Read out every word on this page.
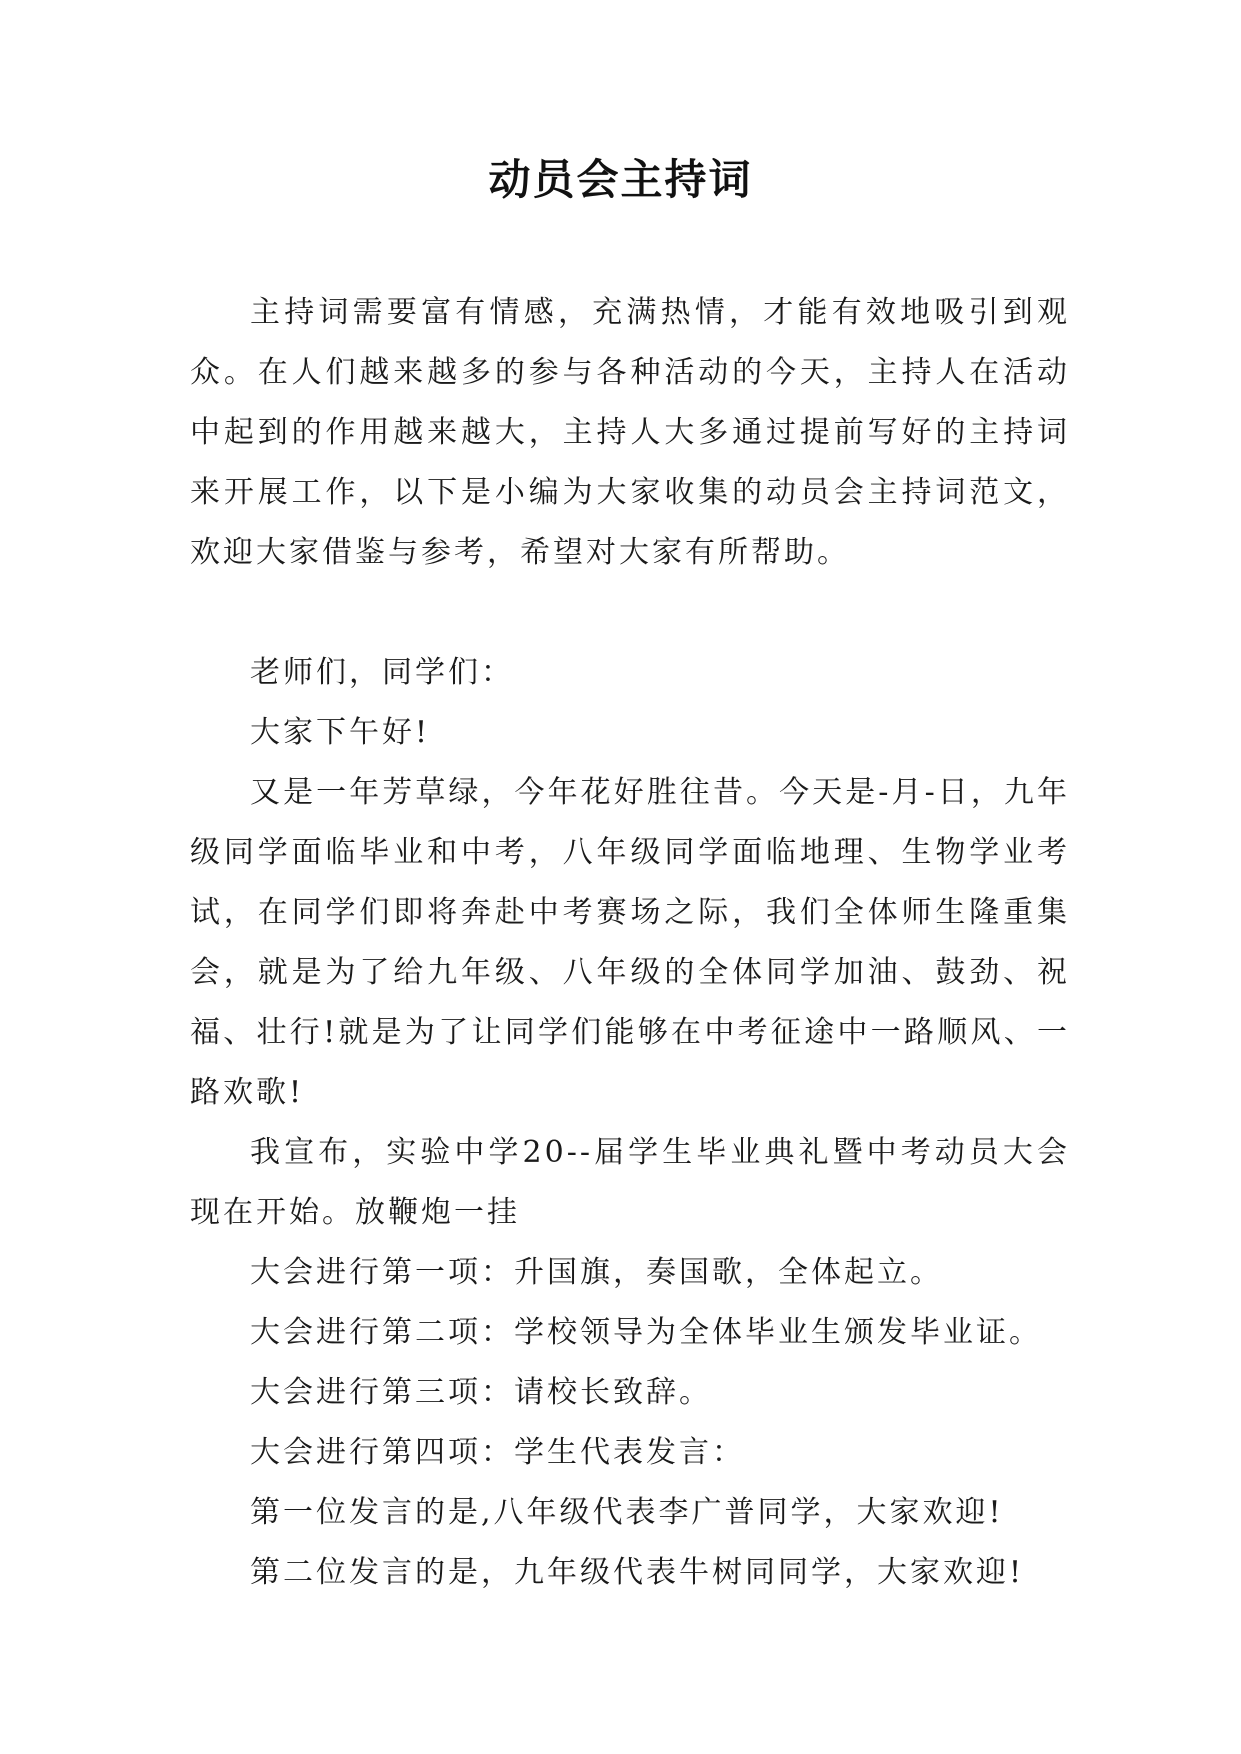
动员会主持词

主持词需要富有情感，充满热情，才能有效地吸引到观众。在人们越来越多的参与各种活动的今天，主持人在活动中起到的作用越来越大，主持人大多通过提前写好的主持词来开展工作，以下是小编为大家收集的动员会主持词范文，欢迎大家借鉴与参考，希望对大家有所帮助。

老师们，同学们：

大家下午好!

又是一年芳草绿，今年花好胜往昔。今天是-月-日，九年级同学面临毕业和中考，八年级同学面临地理、生物学业考试，在同学们即将奔赴中考赛场之际，我们全体师生隆重集会，就是为了给九年级、八年级的全体同学加油、鼓劲、祝福、壮行!就是为了让同学们能够在中考征途中一路顺风、一路欢歌!

我宣布，实验中学20--届学生毕业典礼暨中考动员大会现在开始。放鞭炮一挂

大会进行第一项：升国旗，奏国歌，全体起立。

大会进行第二项：学校领导为全体毕业生颁发毕业证。

大会进行第三项：请校长致辞。

大会进行第四项：学生代表发言：

第一位发言的是,八年级代表李广普同学，大家欢迎!

第二位发言的是，九年级代表牛树同同学，大家欢迎!
